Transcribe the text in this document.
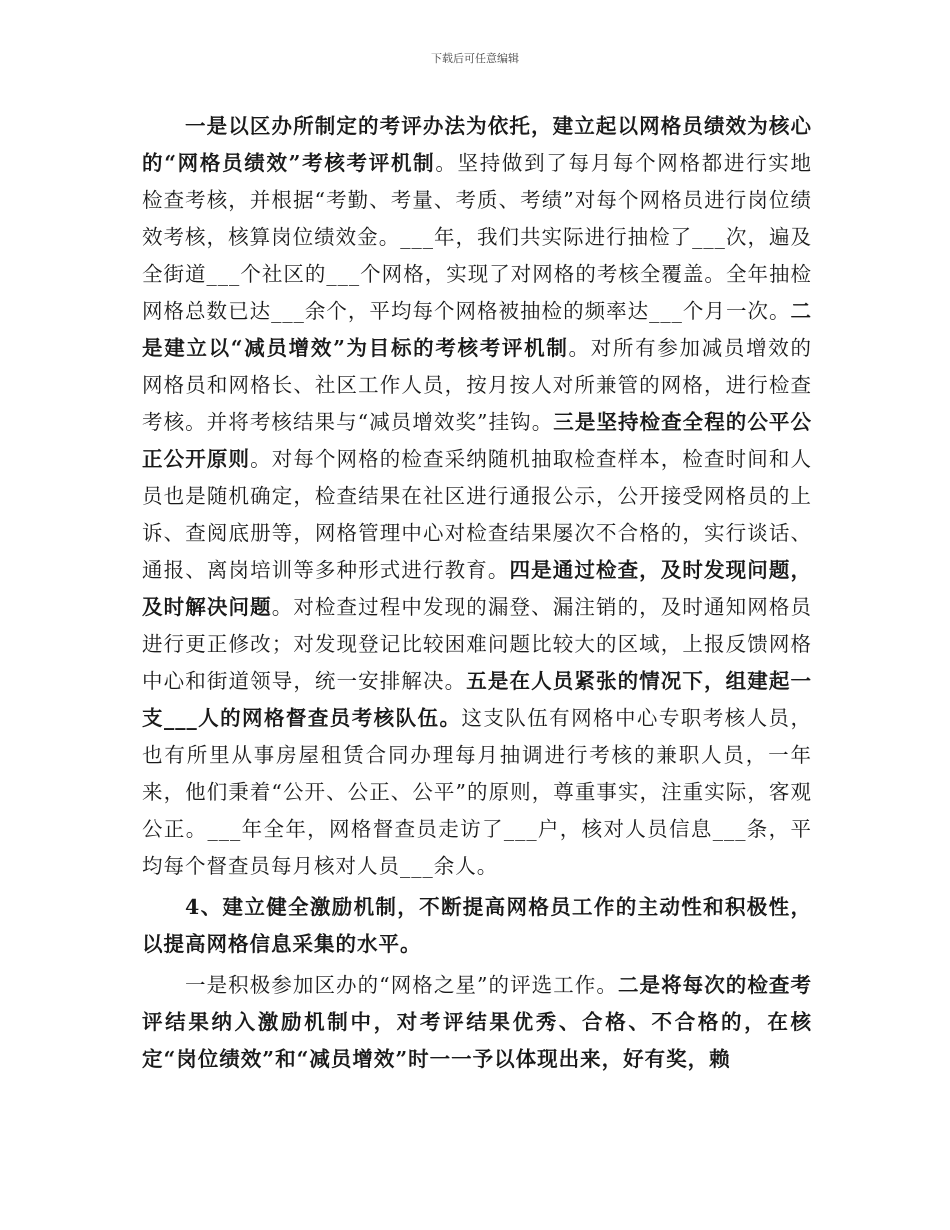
下载后可任意编辑

一是以区办所制定的考评办法为依托，建立起以网格员绩效为核心的“网格员绩效”考核考评机制。坚持做到了每月每个网格都进行实地检查考核，并根据“考勤、考量、考质、考绩”对每个网格员进行岗位绩效考核，核算岗位绩效金。___年，我们共实际进行抽检了___次，遍及全街道___个社区的___个网格，实现了对网格的考核全覆盖。全年抽检网格总数已达___余个，平均每个网格被抽检的频率达___个月一次。二是建立以“减员增效”为目标的考核考评机制。对所有参加减员增效的网格员和网格长、社区工作人员，按月按人对所兼管的网格，进行检查考核。并将考核结果与“减员增效奖”挂钩。三是坚持检查全程的公平公正公开原则。对每个网格的检查采纳随机抽取检查样本，检查时间和人员也是随机确定，检查结果在社区进行通报公示，公开接受网格员的上诉、查阅底册等，网格管理中心对检查结果屡次不合格的，实行谈话、通报、离岗培训等多种形式进行教育。四是通过检查，及时发现问题，及时解决问题。对检查过程中发现的漏登、漏注销的，及时通知网格员进行更正修改；对发现登记比较困难问题比较大的区域，上报反馈网格中心和街道领导，统一安排解决。五是在人员紧张的情况下，组建起一支___人的网格督查员考核队伍。这支队伍有网格中心专职考核人员，也有所里从事房屋租赁合同办理每月抽调进行考核的兼职人员，一年来，他们秉着“公开、公正、公平”的原则，尊重事实，注重实际，客观公正。___年全年，网格督查员走访了___户，核对人员信息___条，平均每个督查员每月核对人员___余人。

4、建立健全激励机制，不断提高网格员工作的主动性和积极性，以提高网格信息采集的水平。

一是积极参加区办的“网格之星”的评选工作。二是将每次的检查考评结果纳入激励机制中，对考评结果优秀、合格、不合格的，在核定“岗位绩效”和“减员增效”时一一予以体现出来，好有奖，赖
